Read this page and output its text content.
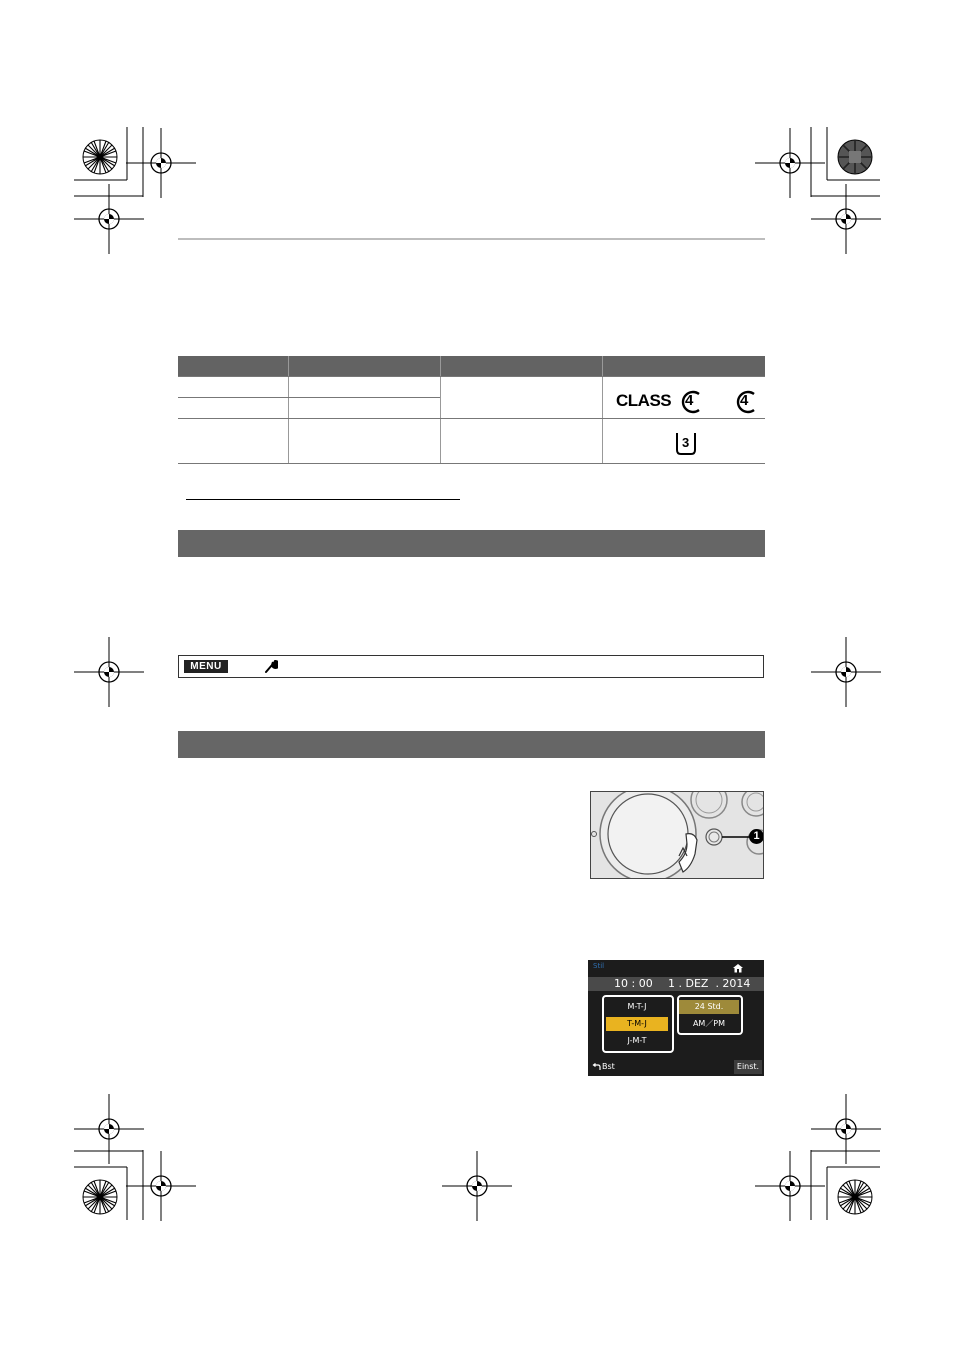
CLASS 4	4
3
MENU
1
Stil
10 : 00 1 . DEZ  . 2014
M-T-J
T-M-J
J-M-T
24 Std.
AM／PM
Bst	Einst.
